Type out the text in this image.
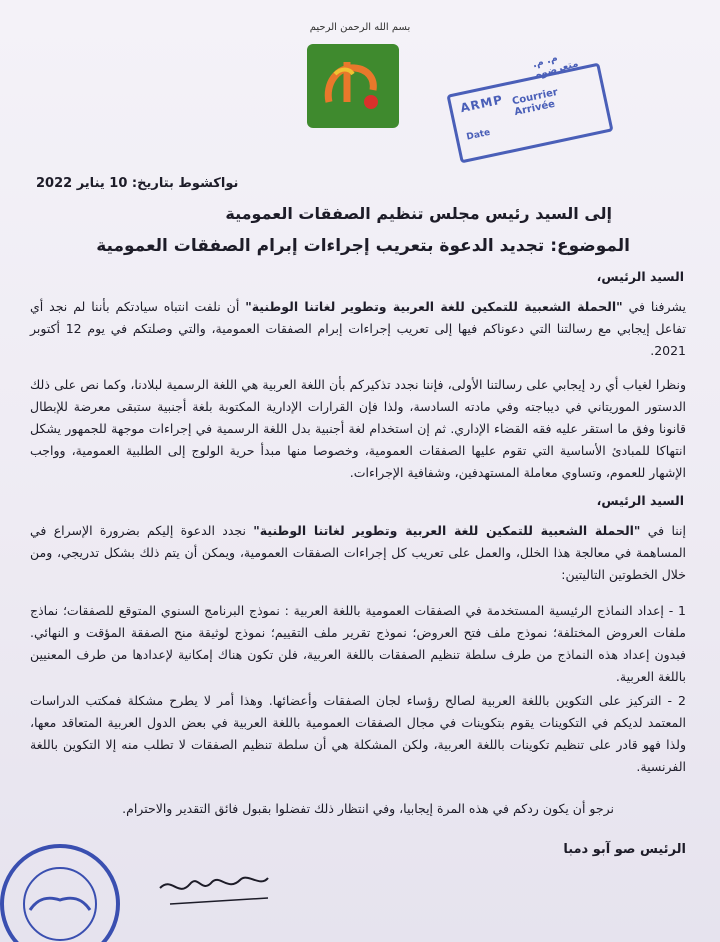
بسم الله الرحمن الرحيم
ARMP Courrier Arrivée
Date
م. م. متعرضوه
نواكشوط بتاريخ: 10 يناير 2022
إلى السيد رئيس مجلس تنظيم الصفقات العمومية
الموضوع: تجديد الدعوة بتعريب إجراءات إبرام الصفقات العمومية
السيد الرئيس،
يشرفنا في "الحملة الشعبية للتمكين للغة العربية وتطوير لغاتنا الوطنية" أن نلفت انتباه سيادتكم بأننا لم نجد أي تفاعل إيجابي مع رسالتنا التي دعوناكم فيها إلى تعريب إجراءات إبرام الصفقات العمومية، والتي وصلتكم في يوم 12 أكتوبر 2021.
ونظرا لغياب أي رد إيجابي على رسالتنا الأولى، فإننا نجدد تذكيركم بأن اللغة العربية هي اللغة الرسمية لبلادنا، وكما نص على ذلك الدستور الموريتاني في ديباجته وفي مادته السادسة، ولذا فإن القرارات الإدارية المكتوبة بلغة أجنبية ستبقى معرضة للإبطال قانونا وفق ما استقر عليه فقه القضاء الإداري. ثم إن استخدام لغة أجنبية بدل اللغة الرسمية في إجراءات موجهة للجمهور يشكل انتهاكا للمبادئ الأساسية التي تقوم عليها الصفقات العمومية، وخصوصا منها مبدأ حرية الولوج إلى الطلبية العمومية، وواجب الإشهار للعموم، وتساوي معاملة المستهدفين، وشفافية الإجراءات.
السيد الرئيس،
إننا في "الحملة الشعبية للتمكين للغة العربية وتطوير لغاتنا الوطنية" نجدد الدعوة إليكم بضرورة الإسراع في المساهمة في معالجة هذا الخلل، والعمل على تعريب كل إجراءات الصفقات العمومية، ويمكن أن يتم ذلك بشكل تدريجي، ومن خلال الخطوتين التاليتين:
1 - إعداد النماذج الرئيسية المستخدمة في الصفقات العمومية باللغة العربية : نموذج البرنامج السنوي المتوقع للصفقات؛ نماذج ملفات العروض المختلفة؛ نموذج ملف فتح العروض؛ نموذج تقرير ملف التقييم؛ نموذج لوثيقة منح الصفقة المؤقت و النهائي. فبدون إعداد هذه النماذج من طرف سلطة تنظيم الصفقات باللغة العربية، فلن تكون هناك إمكانية لإعدادها من طرف المعنيين باللغة العربية.
2 - التركيز على التكوين باللغة العربية لصالح رؤساء لجان الصفقات وأعضائها. وهذا أمر لا يطرح مشكلة فمكتب الدراسات المعتمد لديكم في التكوينات يقوم بتكوينات في مجال الصفقات العمومية باللغة العربية في بعض الدول العربية المتعاقد معها، ولذا فهو قادر على تنظيم تكوينات باللغة العربية، ولكن المشكلة هي أن سلطة تنظيم الصفقات لا تطلب منه إلا التكوين باللغة الفرنسية.
نرجو أن يكون ردكم في هذه المرة إيجابيا، وفي انتظار ذلك تفضلوا بقبول فائق التقدير والاحترام.
الرئيس صو آبو دمبا
